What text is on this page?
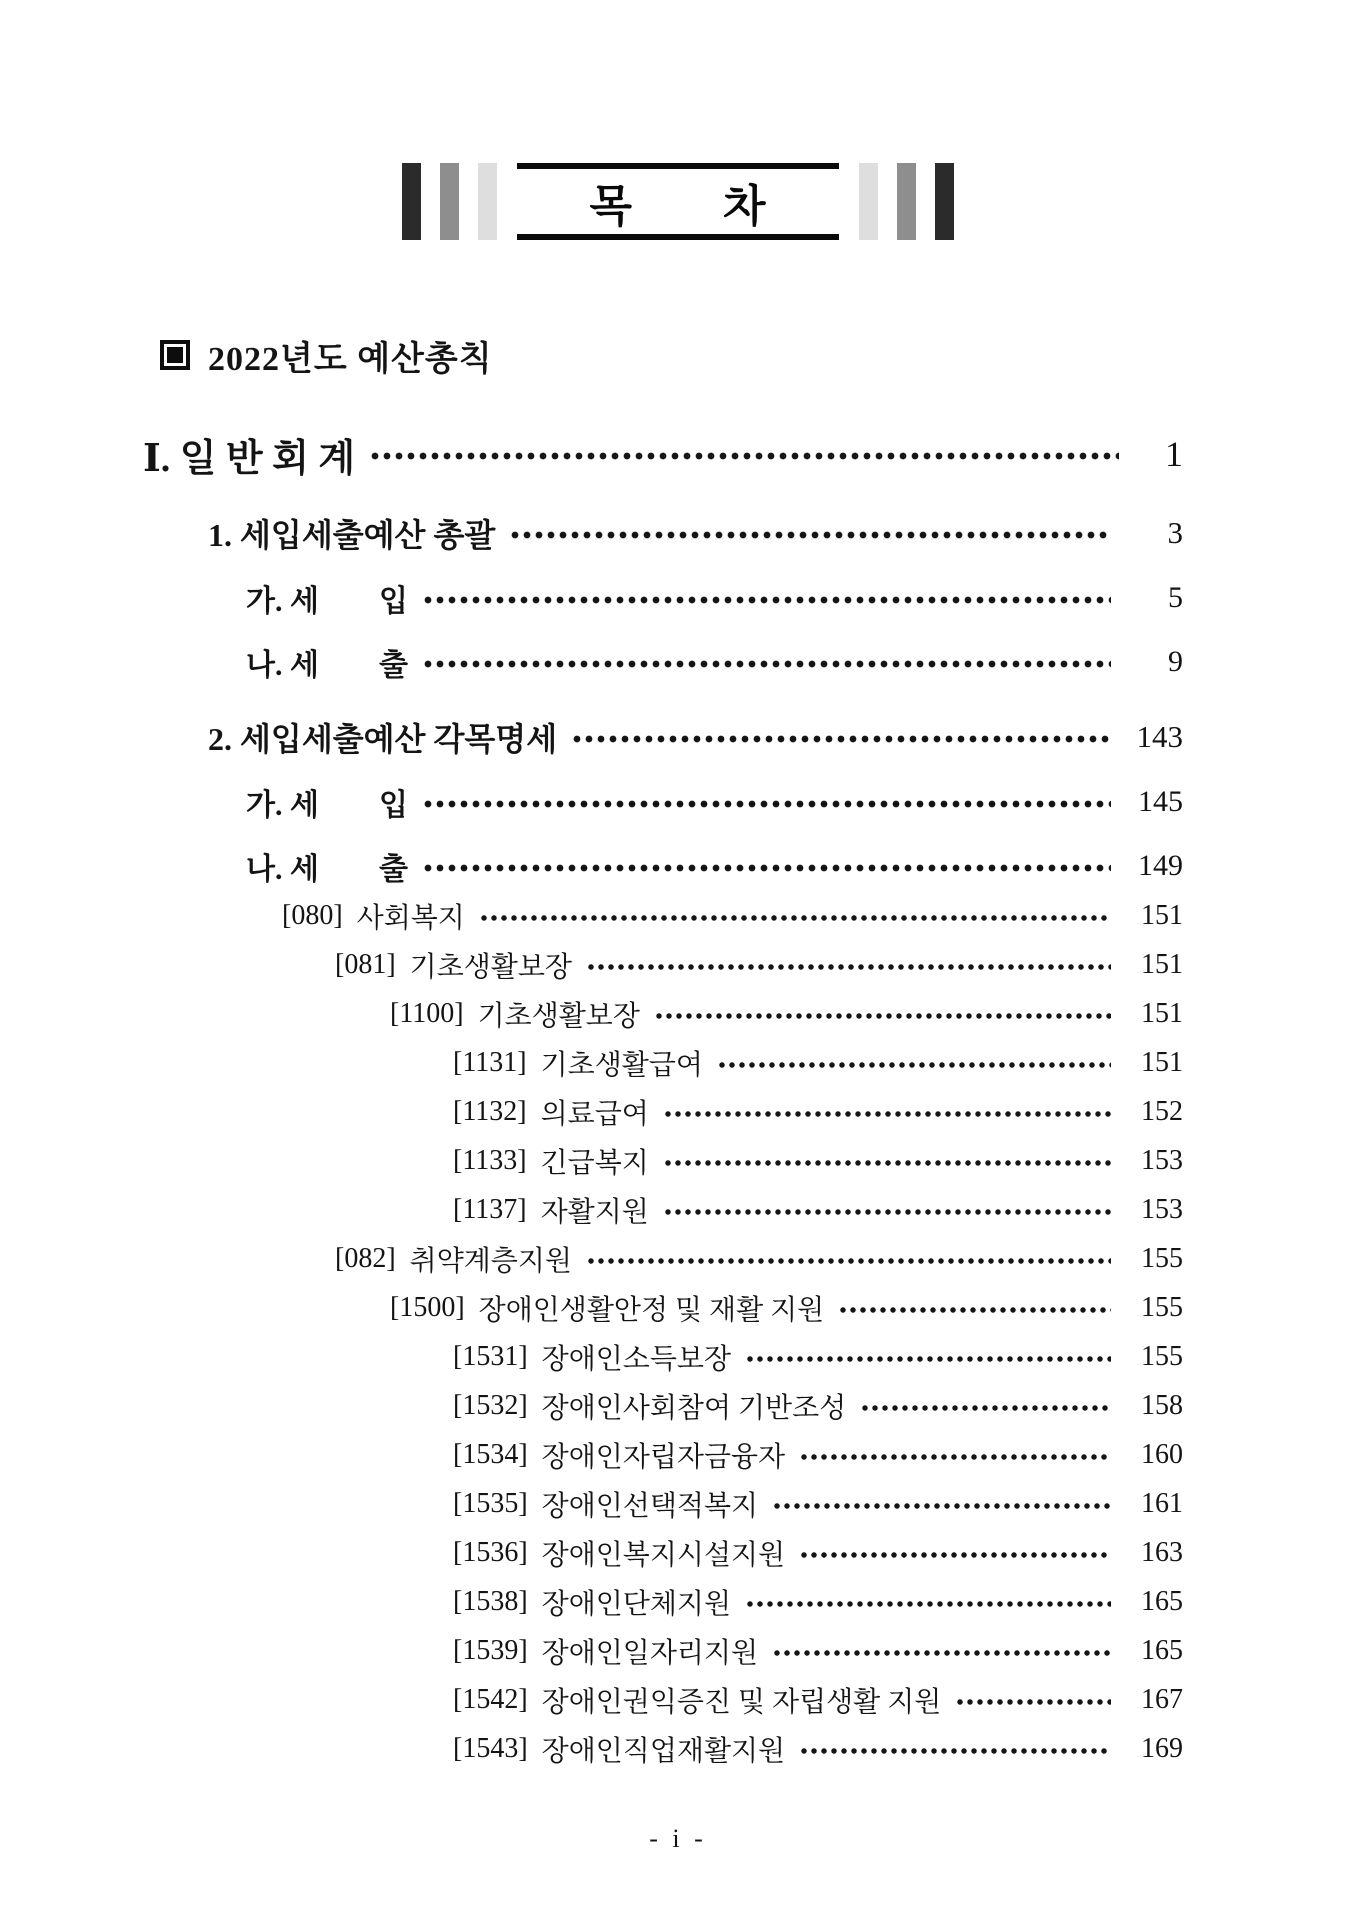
목　　차
2022년도 예산총칙
Ⅰ. 일 반 회 계	1
1. 세입세출예산 총괄	3
가. 세　　입	5
나. 세　　출	9
2. 세입세출예산 각목명세	143
가. 세　　입	145
나. 세　　출	149
[080] 사회복지	151
[081] 기초생활보장	151
[1100] 기초생활보장	151
[1131] 기초생활급여	151
[1132] 의료급여	152
[1133] 긴급복지	153
[1137] 자활지원	153
[082] 취약계층지원	155
[1500] 장애인생활안정 및 재활 지원	155
[1531] 장애인소득보장	155
[1532] 장애인사회참여 기반조성	158
[1534] 장애인자립자금융자	160
[1535] 장애인선택적복지	161
[1536] 장애인복지시설지원	163
[1538] 장애인단체지원	165
[1539] 장애인일자리지원	165
[1542] 장애인권익증진 및 자립생활 지원	167
[1543] 장애인직업재활지원	169
- i -
